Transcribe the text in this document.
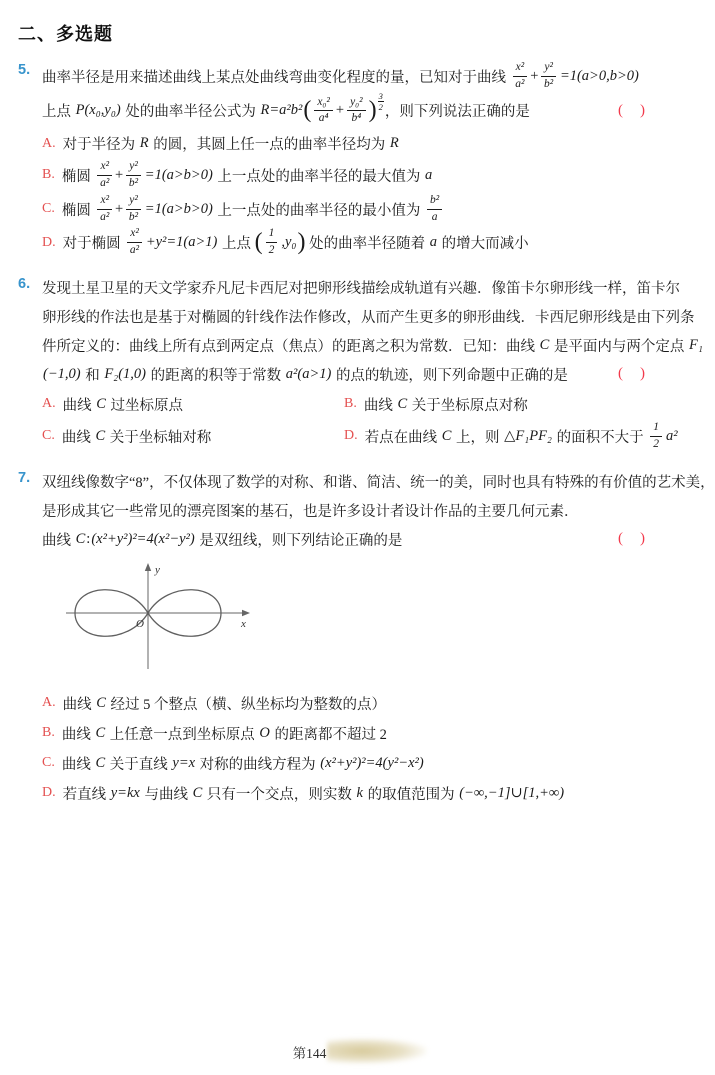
二、多选题
5. 曲率半径是用来描述曲线上某点处曲线弯曲变化程度的量，已知对于曲线 $\frac{\text{x²}}{\text{a²}} + \frac{\text{y²}}{\text{b²}} =1(a>0,b>0)$
上点 P(x₀,y₀) 处的曲率半径公式为 R=a²b² ( $\frac{\text{x₀²}}{\text{a⁴}} + \frac{\text{y₀²}}{\text{b⁴}}$ ) $\frac{3}{2}$
，则下列说法正确的是	( )
A. 对于半径为 R 的圆，其圆上任一点的曲率半径均为 R
B. 椭圆 $\frac{\text{x²}}{\text{a²}} + \frac{\text{y²}}{\text{b²}} =1(a>b>0)$ 上一点处的曲率半径的最大值为 a
C. 椭圆 $\frac{\text{x²}}{\text{a²}} + \frac{\text{y²}}{\text{b²}} =1(a>b>0)$ 上一点处的曲率半径的最小值为 $\frac{\text{b²}}{a}$
D. 对于椭圆 $\frac{\text{x²}}{\text{a²}} +y^2=1(a>1)$ 上点 ( $\frac{1}{2} ,y_0$ ) 处的曲率半径随着 a 的增大而减小
6. 发现土星卫星的天文学家乔凡尼卡西尼对把卵形线描绘成轨道有兴趣．像笛卡尔卵形线一样，笛卡尔
卵形线的作法也是基于对椭圆的针线作法作修改，从而产生更多的卵形曲线．卡西尼卵形线是由下列条
件所定义的：曲线上所有点到两定点（焦点）的距离之积为常数．已知：曲线 C 是平面内与两个定点 F₁
(−1,0) 和 F₂(1,0) 的距离的积等于常数 a²(a>1) 的点的轨迹，则下列命题中正确的是	( )
A. 曲线 C 过坐标原点	B. 曲线 C 关于坐标原点对称
C. 曲线 C 关于坐标轴对称	D. 若点在曲线 C 上，则 △F₁PF₂ 的面积不大于 $\frac{1}{2} a^2$
7. 双纽线像数字“8”，不仅体现了数学的对称、和谐、简洁、统一的美，同时也具有特殊的有价值的艺术美，
是形成其它一些常见的漂亮图案的基石，也是许多设计者设计作品的主要几何元素．
曲线 C : (x²+y²)²=4(x²−y²) 是双纽线，则下列结论正确的是	( )
y
x
O
A. 曲线 C 经过 5 个整点（横、纵坐标均为整数的点）
B. 曲线 C 上任意一点到坐标原点 O 的距离都不超过 2
C. 曲线 C 关于直线 y=x 对称的曲线方程为 (x²+y²)²=4(y²−x²)
D. 若直线 y=kx 与曲线 C 只有一个交点，则实数 k 的取值范围为 (−∞,−1]∪[1,+∞)
第144
